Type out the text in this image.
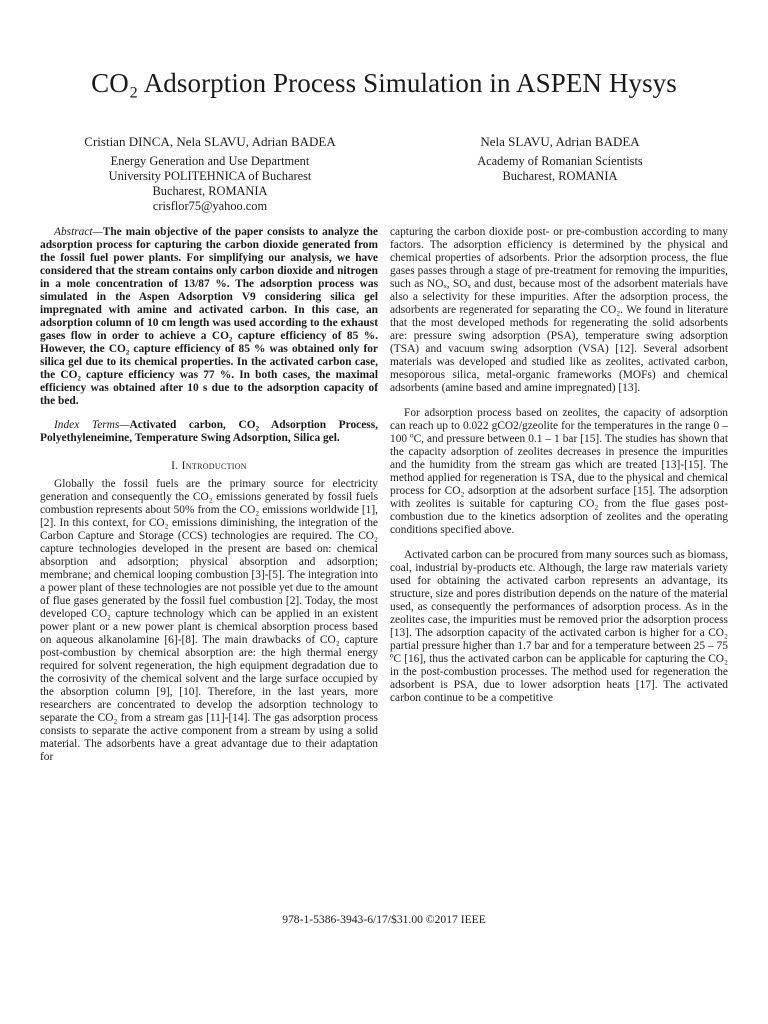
CO₂ Adsorption Process Simulation in ASPEN Hysys
Cristian DINCA, Nela SLAVU, Adrian BADEA
Energy Generation and Use Department
University POLITEHNICA of Bucharest
Bucharest, ROMANIA
crisflor75@yahoo.com
Nela SLAVU, Adrian BADEA
Academy of Romanian Scientists
Bucharest, ROMANIA

Abstract—The main objective of the paper consists to analyze the adsorption process for capturing the carbon dioxide generated from the fossil fuel power plants. For simplifying our analysis, we have considered that the stream contains only carbon dioxide and nitrogen in a mole concentration of 13/87 %. The adsorption process was simulated in the Aspen Adsorption V9 considering silica gel impregnated with amine and activated carbon. In this case, an adsorption column of 10 cm length was used according to the exhaust gases flow in order to achieve a CO₂ capture efficiency of 85 %. However, the CO₂ capture efficiency of 85 % was obtained only for silica gel due to its chemical properties. In the activated carbon case, the CO₂ capture efficiency was 77 %. In both cases, the maximal efficiency was obtained after 10 s due to the adsorption capacity of the bed.

Index Terms—Activated carbon, CO₂ Adsorption Process, Polyethyleneimine, Temperature Swing Adsorption, Silica gel.

I. Introduction

Globally the fossil fuels are the primary source for electricity generation and consequently the CO₂ emissions generated by fossil fuels combustion represents about 50% from the CO₂ emissions worldwide [1], [2]. In this context, for CO₂ emissions diminishing, the integration of the Carbon Capture and Storage (CCS) technologies are required. The CO₂ capture technologies developed in the present are based on: chemical absorption and adsorption; physical absorption and adsorption; membrane; and chemical looping combustion [3]-[5]. The integration into a power plant of these technologies are not possible yet due to the amount of flue gases generated by the fossil fuel combustion [2]. Today, the most developed CO₂ capture technology which can be applied in an existent power plant or a new power plant is chemical absorption process based on aqueous alkanolamine [6]-[8]. The main drawbacks of CO₂ capture post-combustion by chemical absorption are: the high thermal energy required for solvent regeneration, the high equipment degradation due to the corrosivity of the chemical solvent and the large surface occupied by the absorption column [9], [10]. Therefore, in the last years, more researchers are concentrated to develop the adsorption technology to separate the CO₂ from a stream gas [11]-[14]. The gas adsorption process consists to separate the active component from a stream by using a solid material. The adsorbents have a great advantage due to their adaptation for

capturing the carbon dioxide post- or pre-combustion according to many factors. The adsorption efficiency is determined by the physical and chemical properties of adsorbents. Prior the adsorption process, the flue gases passes through a stage of pre-treatment for removing the impurities, such as NOₓ, SOₓ and dust, because most of the adsorbent materials have also a selectivity for these impurities. After the adsorption process, the adsorbents are regenerated for separating the CO₂. We found in literature that the most developed methods for regenerating the solid adsorbents are: pressure swing adsorption (PSA), temperature swing adsorption (TSA) and vacuum swing adsorption (VSA) [12]. Several adsorbent materials was developed and studied like as zeolites, activated carbon, mesoporous silica, metal-organic frameworks (MOFs) and chemical adsorbents (amine based and amine impregnated) [13].

For adsorption process based on zeolites, the capacity of adsorption can reach up to 0.022 gCO2/gzeolite for the temperatures in the range 0 – 100 ºC, and pressure between 0.1 – 1 bar [15]. The studies has shown that the capacity adsorption of zeolites decreases in presence the impurities and the humidity from the stream gas which are treated [13]-[15]. The method applied for regeneration is TSA, due to the physical and chemical process for CO₂ adsorption at the adsorbent surface [15]. The adsorption with zeolites is suitable for capturing CO₂ from the flue gases post-combustion due to the kinetics adsorption of zeolites and the operating conditions specified above.

Activated carbon can be procured from many sources such as biomass, coal, industrial by-products etc. Although, the large raw materials variety used for obtaining the activated carbon represents an advantage, its structure, size and pores distribution depends on the nature of the material used, as consequently the performances of adsorption process. As in the zeolites case, the impurities must be removed prior the adsorption process [13]. The adsorption capacity of the activated carbon is higher for a CO₂ partial pressure higher than 1.7 bar and for a temperature between 25 – 75 ºC [16], thus the activated carbon can be applicable for capturing the CO₂ in the post-combustion processes. The method used for regeneration the adsorbent is PSA, due to lower adsorption heats [17]. The activated carbon continue to be a competitive

978-1-5386-3943-6/17/$31.00 ©2017 IEEE
